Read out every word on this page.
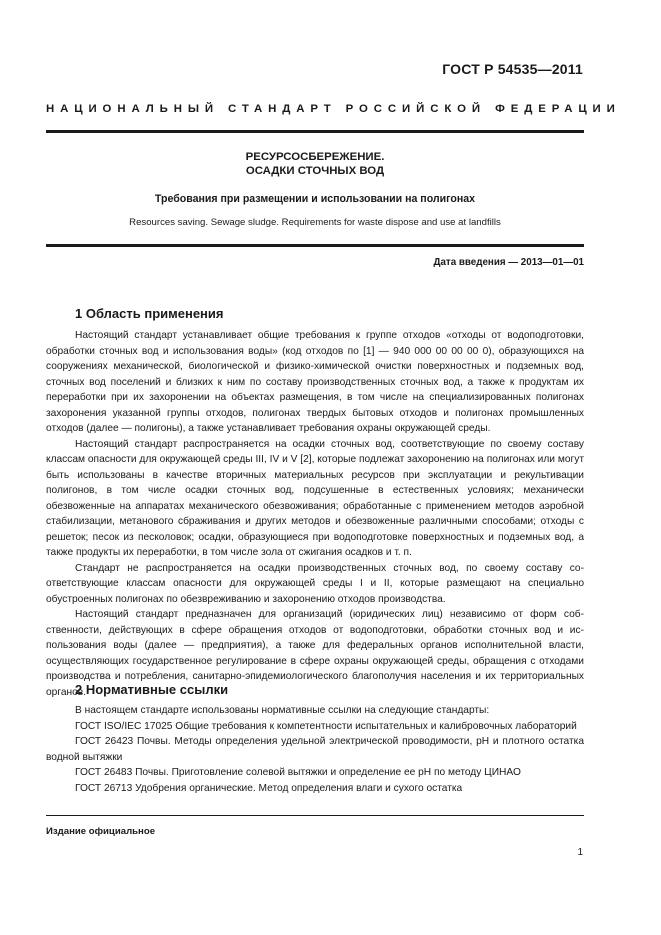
ГОСТ Р 54535—2011
НАЦИОНАЛЬНЫЙ СТАНДАРТ РОССИЙСКОЙ ФЕДЕРАЦИИ
РЕСУРСОСБЕРЕЖЕНИЕ.
ОСАДКИ СТОЧНЫХ ВОД
Требования при размещении и использовании на полигонах
Resources saving. Sewage sludge. Requirements for waste dispose and use at landfills
Дата введения — 2013—01—01
1 Область применения

Настоящий стандарт устанавливает общие требования к группе отходов «отходы от водоподготовки, обработки сточных вод и использования воды» (код отходов по [1] — 940 000 00 00 00 0), образующихся на сооружениях механической, биологической и физико-химической очистки поверхностных и подземных вод, сточных вод поселений и близких к ним по составу производственных сточных вод, а также к продуктам их переработки при их захоронении на объектах размещения, в том числе на специализированных полигонах захоронения указанной группы отходов, полигонах твердых бытовых отходов и полигонах промышленных отходов (далее — полигоны), а также устанавливает требования охраны окружающей среды.

Настоящий стандарт распространяется на осадки сточных вод, соответствующие по своему составу классам опасности для окружающей среды III, IV и V [2], которые подлежат захоронению на полигонах или могут быть использованы в качестве вторичных материальных ресурсов при эксплуатации и рекультивации полигонов, в том числе осадки сточных вод, подсушенные в естественных условиях; механически обезвоженные на аппаратах механического обезвоживания; обработанные с применением методов аэробной стабилизации, метанового сбраживания и других методов и обезвоженные различными способами; отходы с решеток; песок из песколовок; осадки, образующиеся при водоподготовке поверхностных и подземных вод, а также продукты их переработки, в том числе зола от сжигания осадков и т. п.

Стандарт не распространяется на осадки производственных сточных вод, по своему составу соответствующие классам опасности для окружающей среды I и II, которые размещают на специально обустроенных полигонах по обезвреживанию и захоронению отходов производства.

Настоящий стандарт предназначен для организаций (юридических лиц) независимо от форм собственности, действующих в сфере обращения отходов от водоподготовки, обработки сточных вод и использования воды (далее — предприятия), а также для федеральных органов исполнительной власти, осуществляющих государственное регулирование в сфере охраны окружающей среды, обращения с отходами производства и потребления, санитарно-эпидемиологического благополучия населения и их территориальных органов.

2 Нормативные ссылки

В настоящем стандарте использованы нормативные ссылки на следующие стандарты:

ГОСТ ISO/IEC 17025 Общие требования к компетентности испытательных и калибровочных лабораторий

ГОСТ 26423 Почвы. Методы определения удельной электрической проводимости, рН и плотного остатка водной вытяжки

ГОСТ 26483 Почвы. Приготовление солевой вытяжки и определение ее рН по методу ЦИНАО

ГОСТ 26713 Удобрения органические. Метод определения влаги и сухого остатка

Издание официальное
1
